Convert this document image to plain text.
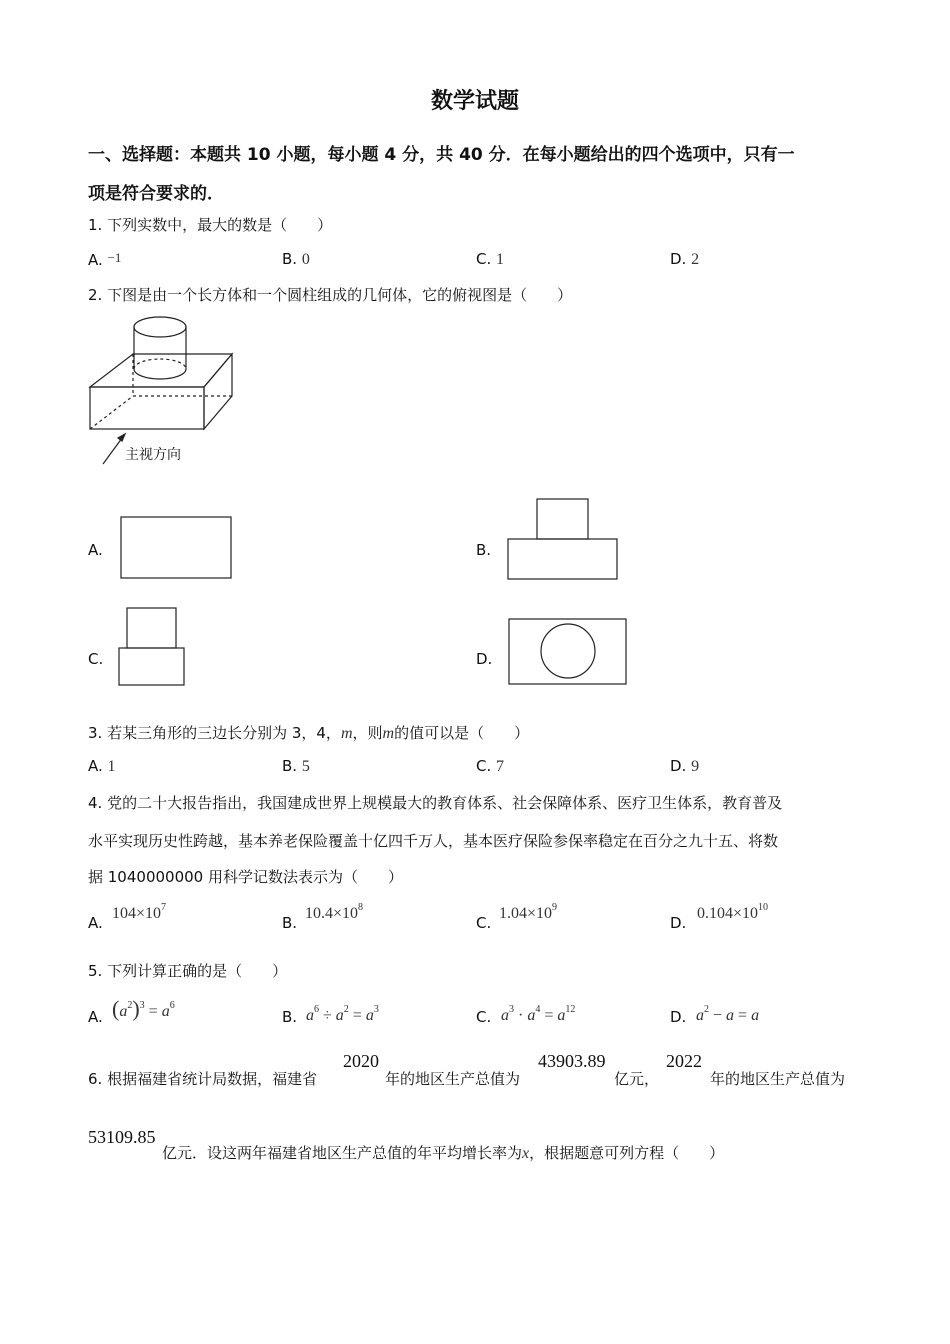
数学试题
一、选择题：本题共 10 小题，每小题 4 分，共 40 分．在每小题给出的四个选项中，只有一
项是符合要求的．
1. 下列实数中，最大的数是（　　）
A. −1	B. 0	C. 1	D. 2
2. 下图是由一个长方体和一个圆柱组成的几何体，它的俯视图是（　　）
主视方向
A.	B.
C.	D.
3. 若某三角形的三边长分别为 3，4，m，则m的值可以是（　　）
A. 1	B. 5	C. 7	D. 9
4. 党的二十大报告指出，我国建成世界上规模最大的教育体系、社会保障体系、医疗卫生体系，教育普及
水平实现历史性跨越，基本养老保险覆盖十亿四千万人，基本医疗保险参保率稳定在百分之九十五、将数
据 1040000000 用科学记数法表示为（　　）
A.
$104\times 10^7$
B.
$10.4\times 10^8$
C.
$1.04\times 10^9$
D.
$0.104\times 10^{10}$
5. 下列计算正确的是（　　）
A. $(a^2)^3 = a^6$
B. $a^6 \div a^2 = a^3$	C. $a^3 \cdot a^4 = a^{12}$	D. $a^2 - a = a$
6. 根据福建省统计局数据，福建省
2020
年的地区生产总值为
43903.89
亿元，
2022
年的地区生产总值为
53109.85
亿元．设这两年福建省地区生产总值的年平均增长率为x，根据题意可列方程（　　）
